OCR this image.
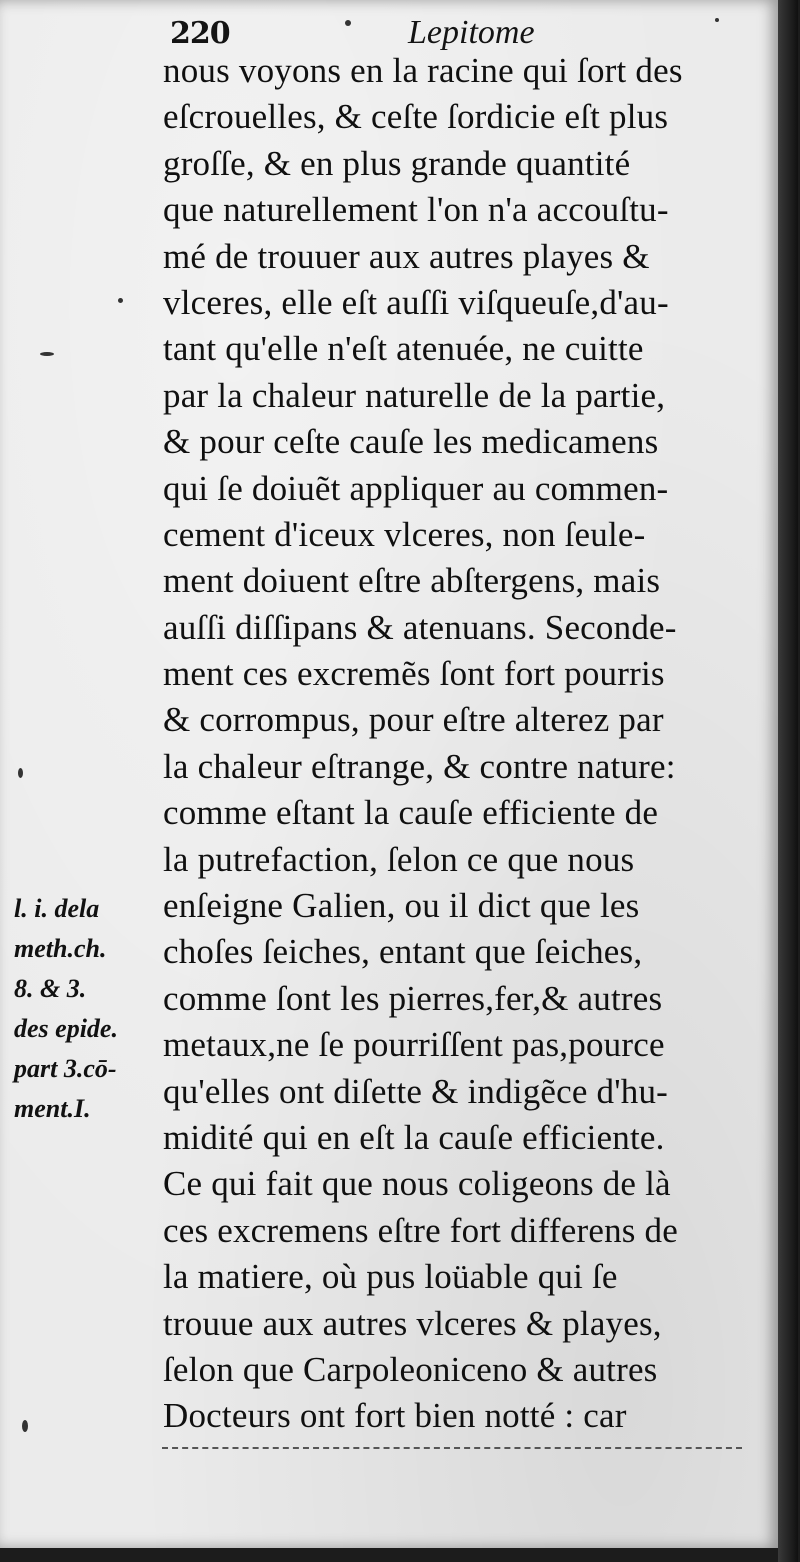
220	Lepitome
nous voyons en la racine qui ſort des
eſcrouelles, & ceſte ſordicie eſt plus
groſſe, & en plus grande quantité
que naturellement l'on n'a accouſtu-
mé de trouuer aux autres playes &
vlceres, elle eſt auſſi viſqueuſe,d'au-
tant qu'elle n'eſt atenuée, ne cuitte
par la chaleur naturelle de la partie,
& pour ceſte cauſe les medicamens
qui ſe doiuẽt appliquer au commen-
cement d'iceux vlceres, non ſeule-
ment doiuent eſtre abſtergens, mais
auſſi diſſipans & atenuans. Seconde-
ment ces excremẽs ſont fort pourris
& corrompus, pour eſtre alterez par
la chaleur eſtrange, & contre nature:
comme eſtant la cauſe efficiente de
la putrefaction, ſelon ce que nous
enſeigne Galien, ou il dict que les
choſes ſeiches, entant que ſeiches,
comme ſont les pierres,fer,& autres
metaux,ne ſe pourriſſent pas,pource
qu'elles ont diſette & indigẽce d'hu-
midité qui en eſt la cauſe efficiente.
Ce qui fait que nous coligeons de là
ces excremens eſtre fort differens de
la matiere, où pus loüable qui ſe
trouue aux autres vlceres & playes,
ſelon que Carpoleoniceno & autres
Docteurs ont fort bien notté : car
l. i. dela
meth.ch.
8. & 3.
des epide.
part 3.cō-
ment.I.
